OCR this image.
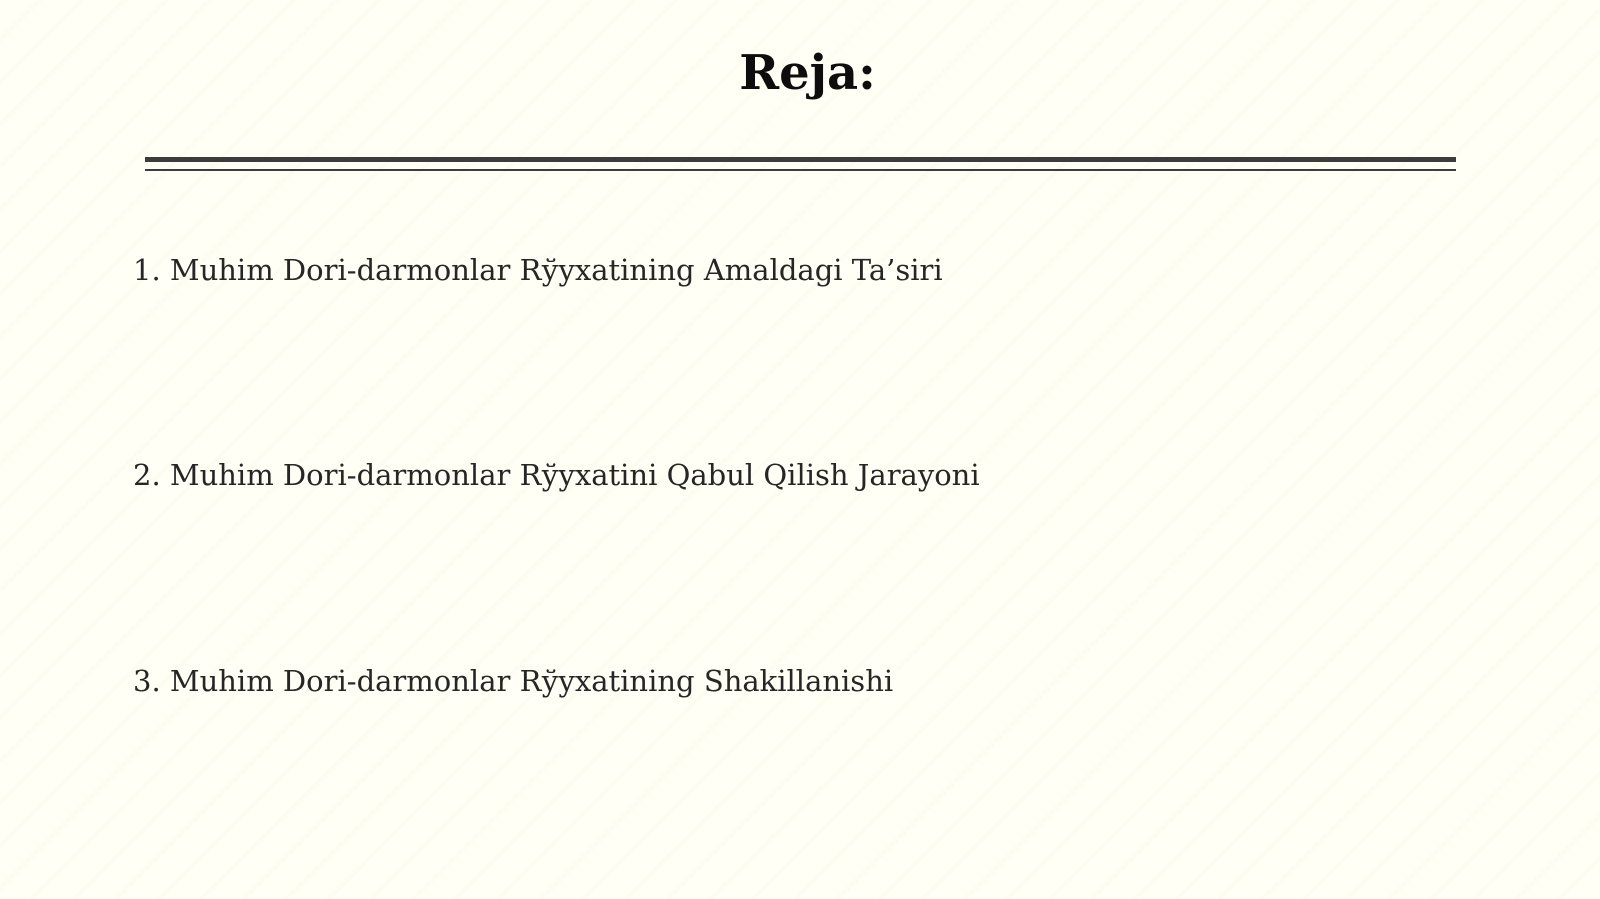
Reja:
1. Muhim Dori-darmonlar Rўyxatining Amaldagi Ta’siri
2. Muhim Dori-darmonlar Rўyxatini Qabul Qilish Jarayoni
3. Muhim Dori-darmonlar Rўyxatining Shakillanishi
